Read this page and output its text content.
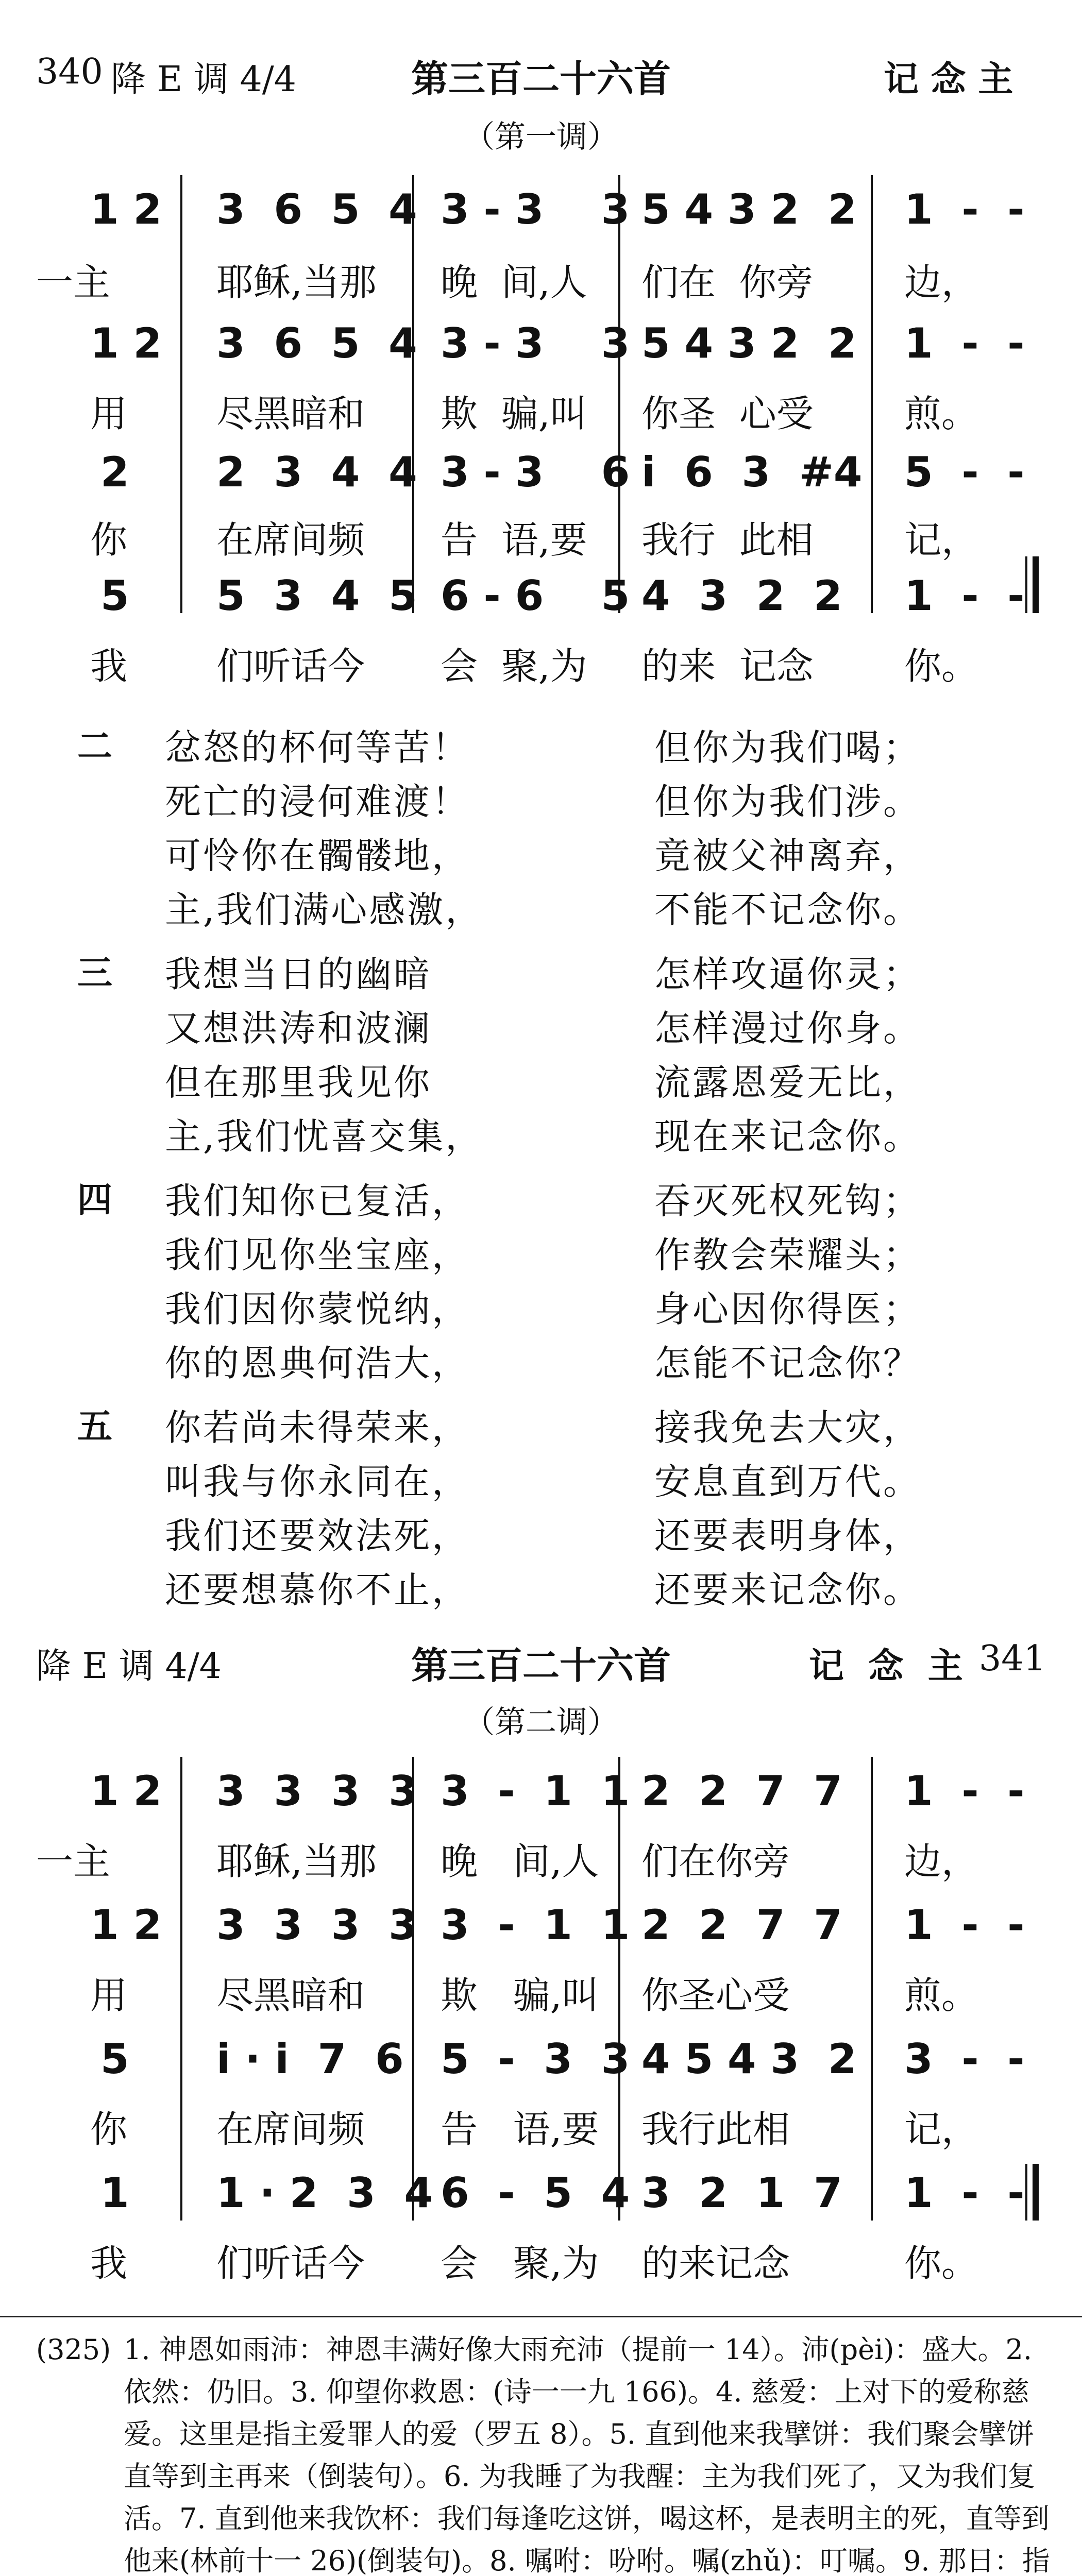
340 降 E 调 4/4	第三百二十六首	记 念 主
（第一调）
1 2 3  6  5  4 3 - 3    3 5 4 3 2  2 1  -  -
一主	耶稣,当那 晚  间,人 们在  你旁 边，
1 2 3  6  5  4 3 - 3    3 5 4 3 2  2 1  -  -
用 尽黑暗和 欺  骗,叫 你圣  心受 煎。
2 2  3  4  4 3 - 3    6 i  6  3  #4 5  -  -
你 在席间频 告  语,要 我行  此相 记，
5 5  3  4  5 6 - 6    5 4  3  2  2 1  -  -
我 们听话今 会  聚,为 的来  记念 你。
二 忿怒的杯何等苦！	但你为我们喝；
死亡的浸何难渡！	但你为我们涉。
可怜你在髑髅地，	竟被父神离弃，
主,我们满心感激，	不能不记念你。
三 我想当日的幽暗	怎样攻逼你灵；
又想洪涛和波澜	怎样漫过你身。
但在那里我见你	流露恩爱无比，
主,我们忧喜交集，	现在来记念你。
四 我们知你已复活，	吞灭死权死钩；
我们见你坐宝座，	作教会荣耀头；
我们因你蒙悦纳，	身心因你得医；
你的恩典何浩大，	怎能不记念你？
五 你若尚未得荣来，	接我免去大灾，
叫我与你永同在，	安息直到万代。
我们还要效法死，	还要表明身体，
还要想慕你不止，	还要来记念你。
降 E 调 4/4	第三百二十六首	记  念  主 341
（第二调）
1 2 3  3  3  3 3  -  1  1 2  2  7  7 1  -  -
一主	耶稣,当那 晚   间,人 们在你旁	边，
1 2 3  3  3  3 3  -  1  1 2  2  7  7 1  -  -
用 尽黑暗和 欺   骗,叫 你圣心受	煎。
5 i · i  7  6 5  -  3  3 4 5 4 3  2 3  -  -
你 在席间频 告   语,要 我行此相	记，
1 1 · 2  3  4 6  -  5  4 3  2  1  7 1  -  -
我 们听话今 会   聚,为 的来记念	你。
(325) 1. 神恩如雨沛：神恩丰满好像大雨充沛（提前一 14）。沛(pèi)：盛大。2. 依然：仍旧。3. 仰望你救恩：(诗一一九 166)。4. 慈爱：上对下的爱称慈爱。这里是指主爱罪人的爱（罗五 8）。5. 直到他来我擘饼：我们聚会擘饼直等到主再来（倒装句）。6. 为我睡了为我醒：主为我们死了，又为我们复活。7. 直到他来我饮杯：我们每逢吃这饼，喝这杯，是表明主的死，直等到他来(林前十一 26)(倒装句)。8. 嘱咐：吩咐。嘱(zhǔ)：叮嘱。9. 那日：指
